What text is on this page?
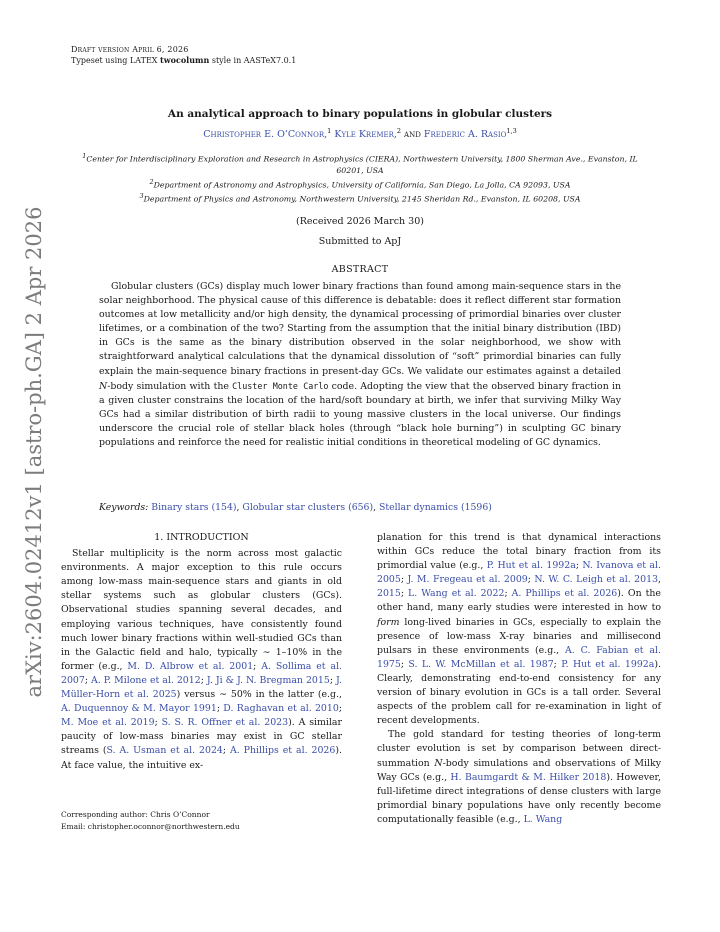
Draft version April 6, 2026
Typeset using LATEX twocolumn style in AASTeX7.0.1
arXiv:2604.02412v1 [astro-ph.GA] 2 Apr 2026
An analytical approach to binary populations in globular clusters
Christopher E. O’Connor,$^1$ Kyle Kremer,$^2$ and Frederic A. Rasio$^{1,3}$
$^1$Center for Interdisciplinary Exploration and Research in Astrophysics (CIERA), Northwestern University, 1800 Sherman Ave., Evanston, IL 60201, USA
$^2$Department of Astronomy and Astrophysics, University of California, San Diego, La Jolla, CA 92093, USA
$^3$Department of Physics and Astronomy, Northwestern University, 2145 Sheridan Rd., Evanston, IL 60208, USA
(Received 2026 March 30)
Submitted to ApJ
ABSTRACT
Globular clusters (GCs) display much lower binary fractions than found among main-sequence stars in the solar neighborhood. The physical cause of this difference is debatable: does it reflect different star formation outcomes at low metallicity and/or high density, the dynamical processing of primordial binaries over cluster lifetimes, or a combination of the two? Starting from the assumption that the initial binary distribution (IBD) in GCs is the same as the binary distribution observed in the solar neighborhood, we show with straightforward analytical calculations that the dynamical dissolution of “soft” primordial binaries can fully explain the main-sequence binary fractions in present-day GCs. We validate our estimates against a detailed N-body simulation with the Cluster Monte Carlo code. Adopting the view that the observed binary fraction in a given cluster constrains the location of the hard/soft boundary at birth, we infer that surviving Milky Way GCs had a similar distribution of birth radii to young massive clusters in the local universe. Our findings underscore the crucial role of stellar black holes (through “black hole burning”) in sculpting GC binary populations and reinforce the need for realistic initial conditions in theoretical modeling of GC dynamics.
Keywords: Binary stars (154), Globular star clusters (656), Stellar dynamics (1596)
1. INTRODUCTION

Stellar multiplicity is the norm across most galactic environments. A major exception to this rule occurs among low-mass main-sequence stars and giants in old stellar systems such as globular clusters (GCs). Observational studies spanning several decades, and employing various techniques, have consistently found much lower binary fractions within well-studied GCs than in the Galactic field and halo, typically ∼ 1–10% in the former (e.g., M. D. Albrow et al. 2001; A. Sollima et al. 2007; A. P. Milone et al. 2012; J. Ji & J. N. Bregman 2015; J. Müller-Horn et al. 2025) versus ∼ 50% in the latter (e.g., A. Duquennoy & M. Mayor 1991; D. Raghavan et al. 2010; M. Moe et al. 2019; S. S. R. Offner et al. 2023). A similar paucity of low-mass binaries may exist in GC stellar streams (S. A. Usman et al. 2024; A. Phillips et al. 2026). At face value, the intuitive ex-

planation for this trend is that dynamical interactions within GCs reduce the total binary fraction from its primordial value (e.g., P. Hut et al. 1992a; N. Ivanova et al. 2005; J. M. Fregeau et al. 2009; N. W. C. Leigh et al. 2013, 2015; L. Wang et al. 2022; A. Phillips et al. 2026). On the other hand, many early studies were interested in how to form long-lived binaries in GCs, especially to explain the presence of low-mass X-ray binaries and millisecond pulsars in these environments (e.g., A. C. Fabian et al. 1975; S. L. W. McMillan et al. 1987; P. Hut et al. 1992a). Clearly, demonstrating end-to-end consistency for any version of binary evolution in GCs is a tall order. Several aspects of the problem call for re-examination in light of recent developments.

The gold standard for testing theories of long-term cluster evolution is set by comparison between direct-summation N-body simulations and observations of Milky Way GCs (e.g., H. Baumgardt & M. Hilker 2018). However, full-lifetime direct integrations of dense clusters with large primordial binary populations have only recently become computationally feasible (e.g., L. Wang

Corresponding author: Chris O’Connor
Email: christopher.oconnor@northwestern.edu
